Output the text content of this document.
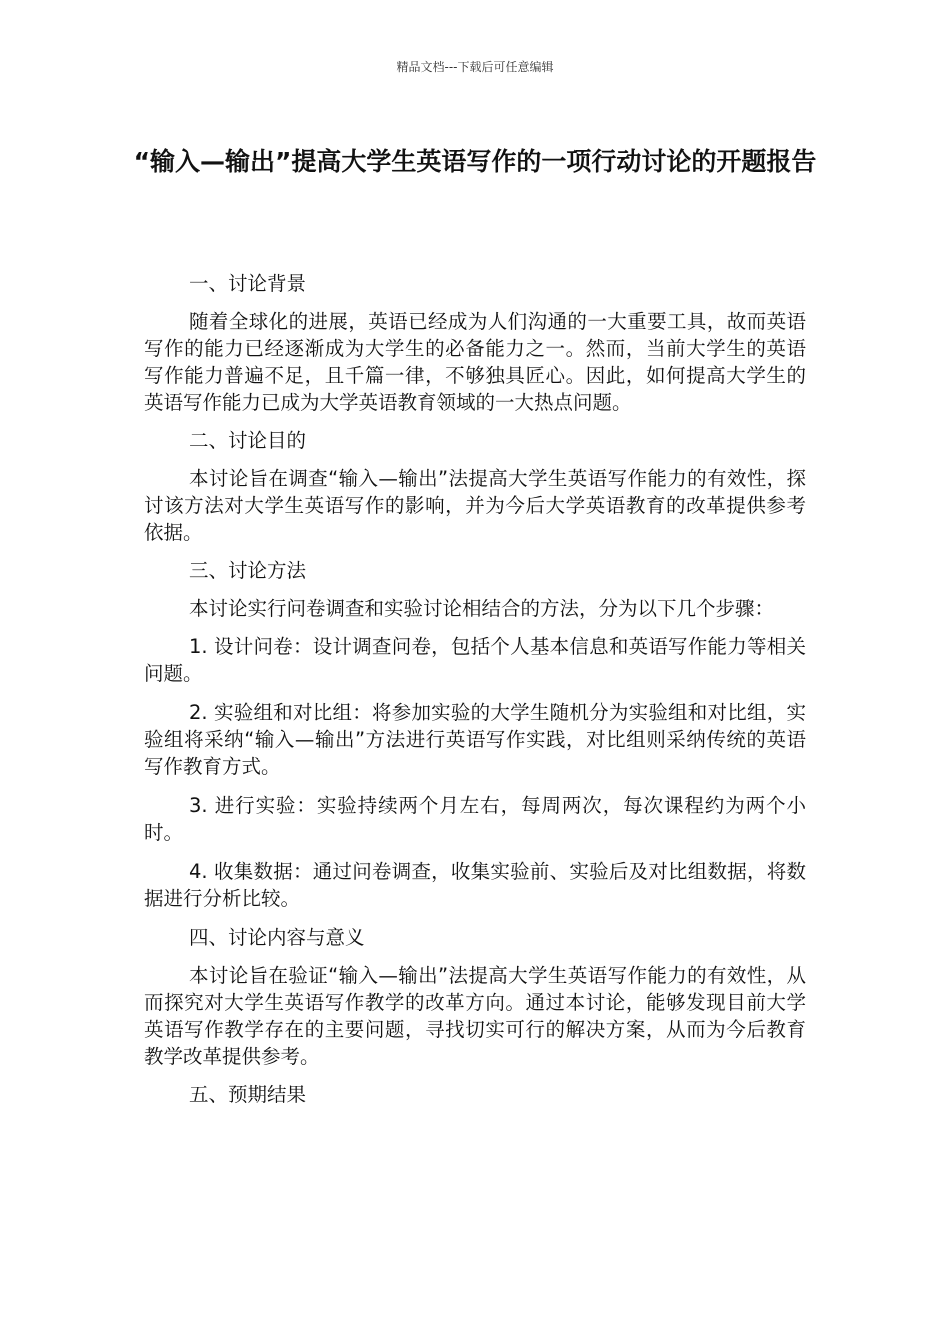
精品文档---下载后可任意编辑
“输入—输出”提高大学生英语写作的一项行动讨论的开题报告

一、讨论背景

随着全球化的进展，英语已经成为人们沟通的一大重要工具，故而英语写作的能力已经逐渐成为大学生的必备能力之一。然而，当前大学生的英语写作能力普遍不足，且千篇一律，不够独具匠心。因此，如何提高大学生的英语写作能力已成为大学英语教育领域的一大热点问题。

二、讨论目的

本讨论旨在调查“输入—输出”法提高大学生英语写作能力的有效性，探讨该方法对大学生英语写作的影响，并为今后大学英语教育的改革提供参考依据。

三、讨论方法

本讨论实行问卷调查和实验讨论相结合的方法，分为以下几个步骤：

1. 设计问卷：设计调查问卷，包括个人基本信息和英语写作能力等相关问题。

2. 实验组和对比组：将参加实验的大学生随机分为实验组和对比组，实验组将采纳“输入—输出”方法进行英语写作实践，对比组则采纳传统的英语写作教育方式。

3. 进行实验：实验持续两个月左右，每周两次，每次课程约为两个小时。

4. 收集数据：通过问卷调查，收集实验前、实验后及对比组数据，将数据进行分析比较。

四、讨论内容与意义

本讨论旨在验证“输入—输出”法提高大学生英语写作能力的有效性，从而探究对大学生英语写作教学的改革方向。通过本讨论，能够发现目前大学英语写作教学存在的主要问题，寻找切实可行的解决方案，从而为今后教育教学改革提供参考。

五、预期结果
